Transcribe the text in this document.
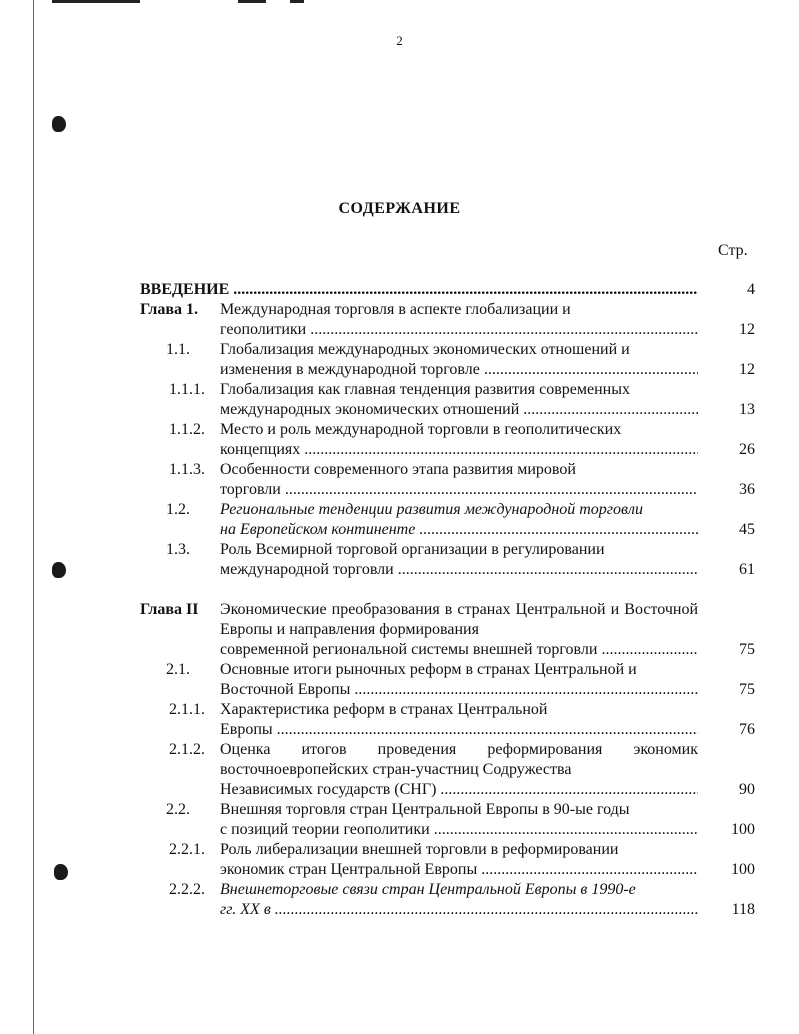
2
СОДЕРЖАНИЕ
Стр.
ВВЕДЕНИЕ .....	4
Глава 1.	Международная торговля в аспекте глобализации и
геополитики .....	12
1.1.	Глобализация международных экономических отношений и
изменения в международной торговле .....	12
1.1.1. Глобализация как главная тенденция развития современных
международных экономических отношений .....	13
1.1.2. Место и роль международной торговли в геополитических
концепциях .....	26
1.1.3. Особенности современного этапа развития мировой
торговли .....	36
1.2.	Региональные тенденции развития международной торговли
на Европейском континенте .....	45
1.3.	Роль Всемирной торговой организации в регулировании
международной торговли .....	61
Глава II	Экономические преобразования в странах Центральной и Восточной Европы и направления формирования
современной региональной системы внешней торговли .....	75
2.1.	Основные итоги рыночных реформ в странах Центральной и
Восточной Европы .....	75
2.1.1. Характеристика реформ в странах Центральной
Европы .....	76
2.1.2. Оценка итогов проведения реформирования экономик восточноевропейских стран-участниц Содружества
Независимых государств (СНГ) .....	90
2.2.	Внешняя торговля стран Центральной Европы в 90-ые годы
с позиций теории геополитики .....	100
2.2.1. Роль либерализации внешней торговли в реформировании
экономик стран Центральной Европы .....	100
2.2.2. Внешнеторговые связи стран Центральной Европы в 1990-е
гг. XX в .....	118
